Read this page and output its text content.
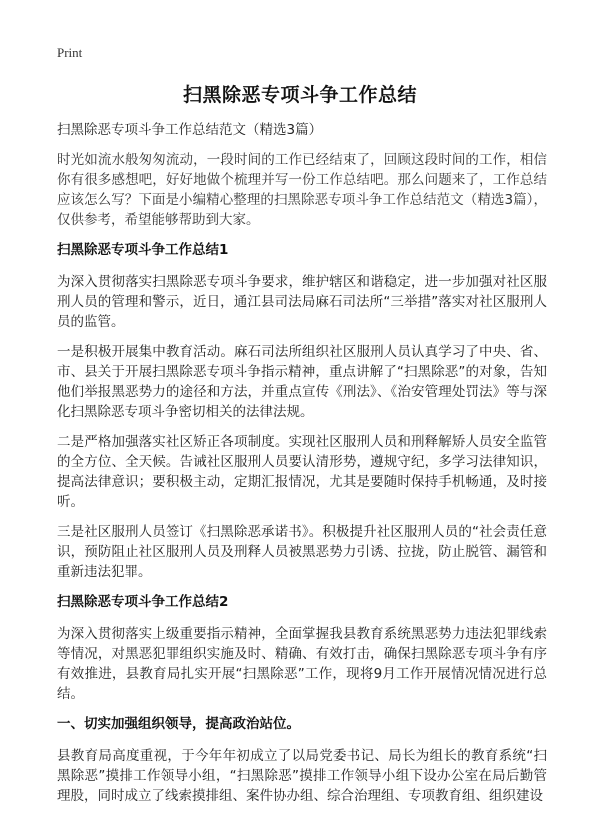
Print
扫黑除恶专项斗争工作总结

扫黑除恶专项斗争工作总结范文（精选3篇）

时光如流水般匆匆流动，一段时间的工作已经结束了，回顾这段时间的工作，相信你有很多感想吧，好好地做个梳理并写一份工作总结吧。那么问题来了，工作总结应该怎么写？下面是小编精心整理的扫黑除恶专项斗争工作总结范文（精选3篇），仅供参考，希望能够帮助到大家。

扫黑除恶专项斗争工作总结1

为深入贯彻落实扫黑除恶专项斗争要求，维护辖区和谐稳定，进一步加强对社区服刑人员的管理和警示，近日，通江县司法局麻石司法所“三举措”落实对社区服刑人员的监管。

一是积极开展集中教育活动。麻石司法所组织社区服刑人员认真学习了中央、省、市、县关于开展扫黑除恶专项斗争指示精神，重点讲解了“扫黑除恶”的对象，告知他们举报黑恶势力的途径和方法，并重点宣传《刑法》、《治安管理处罚法》等与深化扫黑除恶专项斗争密切相关的法律法规。

二是严格加强落实社区矫正各项制度。实现社区服刑人员和刑释解矫人员安全监管的全方位、全天候。告诫社区服刑人员要认清形势，遵规守纪，多学习法律知识，提高法律意识；要积极主动，定期汇报情况，尤其是要随时保持手机畅通，及时接听。

三是社区服刑人员签订《扫黑除恶承诺书》。积极提升社区服刑人员的“社会责任意识，预防阻止社区服刑人员及刑释人员被黑恶势力引诱、拉拢，防止脱管、漏管和重新违法犯罪。

扫黑除恶专项斗争工作总结2

为深入贯彻落实上级重要指示精神，全面掌握我县教育系统黑恶势力违法犯罪线索等情况，对黑恶犯罪组织实施及时、精确、有效打击，确保扫黑除恶专项斗争有序有效推进，县教育局扎实开展“扫黑除恶”工作，现将9月工作开展情况情况进行总结。

一、切实加强组织领导，提高政治站位。

县教育局高度重视，于今年年初成立了以局党委书记、局长为组长的教育系统“扫黑除恶”摸排工作领导小组，“扫黑除恶”摸排工作领导小组下设办公室在局后勤管理股，同时成立了线索摸排组、案件协办组、综合治理组、专项教育组、组织建设
